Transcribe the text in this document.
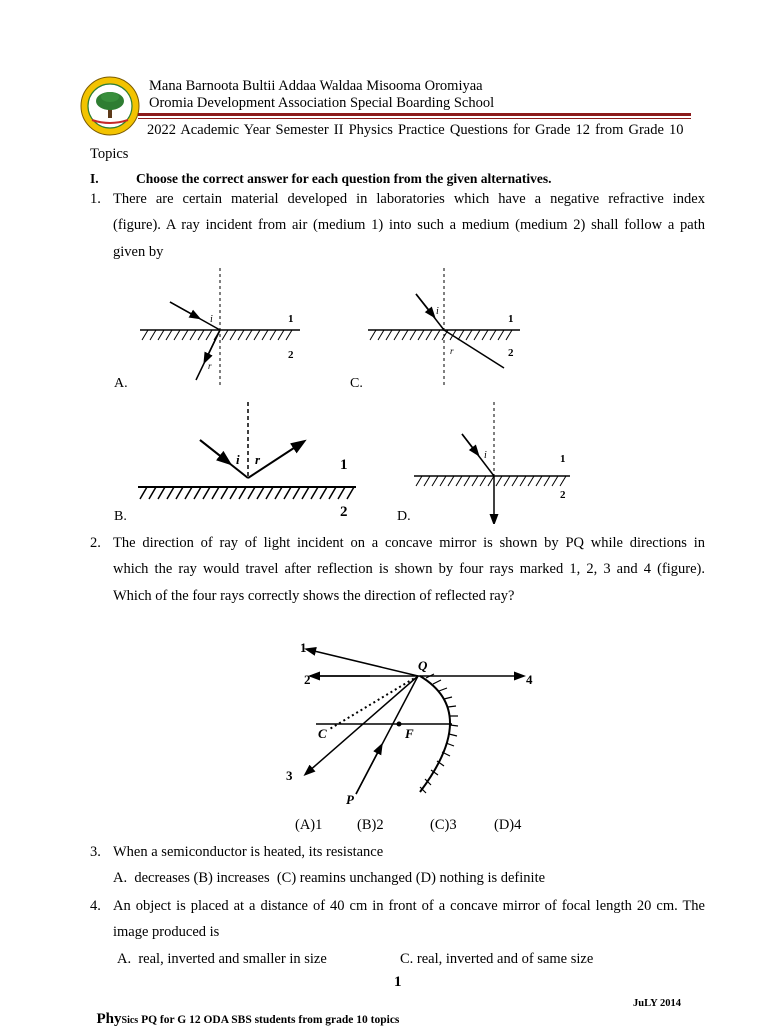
Mana Barnoota Bultii Addaa Waldaa Misooma Oromiyaa
Oromia Development Association Special Boarding School
2022 Academic Year Semester II Physics Practice Questions for Grade 12 from Grade 10
Topics
I.	Choose the correct answer for each question from the given alternatives.
1. There are certain material developed in laboratories which have a negative refractive index
(figure). A ray incident from air (medium 1) into such a medium (medium 2) shall follow a path
given by
i
r
1
2
A.
i
r
1
2
C.
i r	1
2
B.
i	1
2
D.
2. The direction of ray of light incident on a concave mirror is shown by PQ while directions in
which the ray would travel after reflection is shown by four rays marked 1, 2, 3 and 4 (figure).
Which of the four rays correctly shows the direction of reflected ray?
1
2
3
4
Q
C	F
P
(A)1 (B)2	(C)3	(D)4
3. When a semiconductor is heated, its resistance
A.  decreases (B) increases  (C) reamins unchanged (D) nothing is definite
4. An object is placed at a distance of 40 cm in front of a concave mirror of focal length 20 cm. The
image produced is
A.  real, inverted and smaller in size	C. real, inverted and of same size
1

PhySics PQ for G 12 ODA SBS students from grade 10 topics

JuLY 2014
